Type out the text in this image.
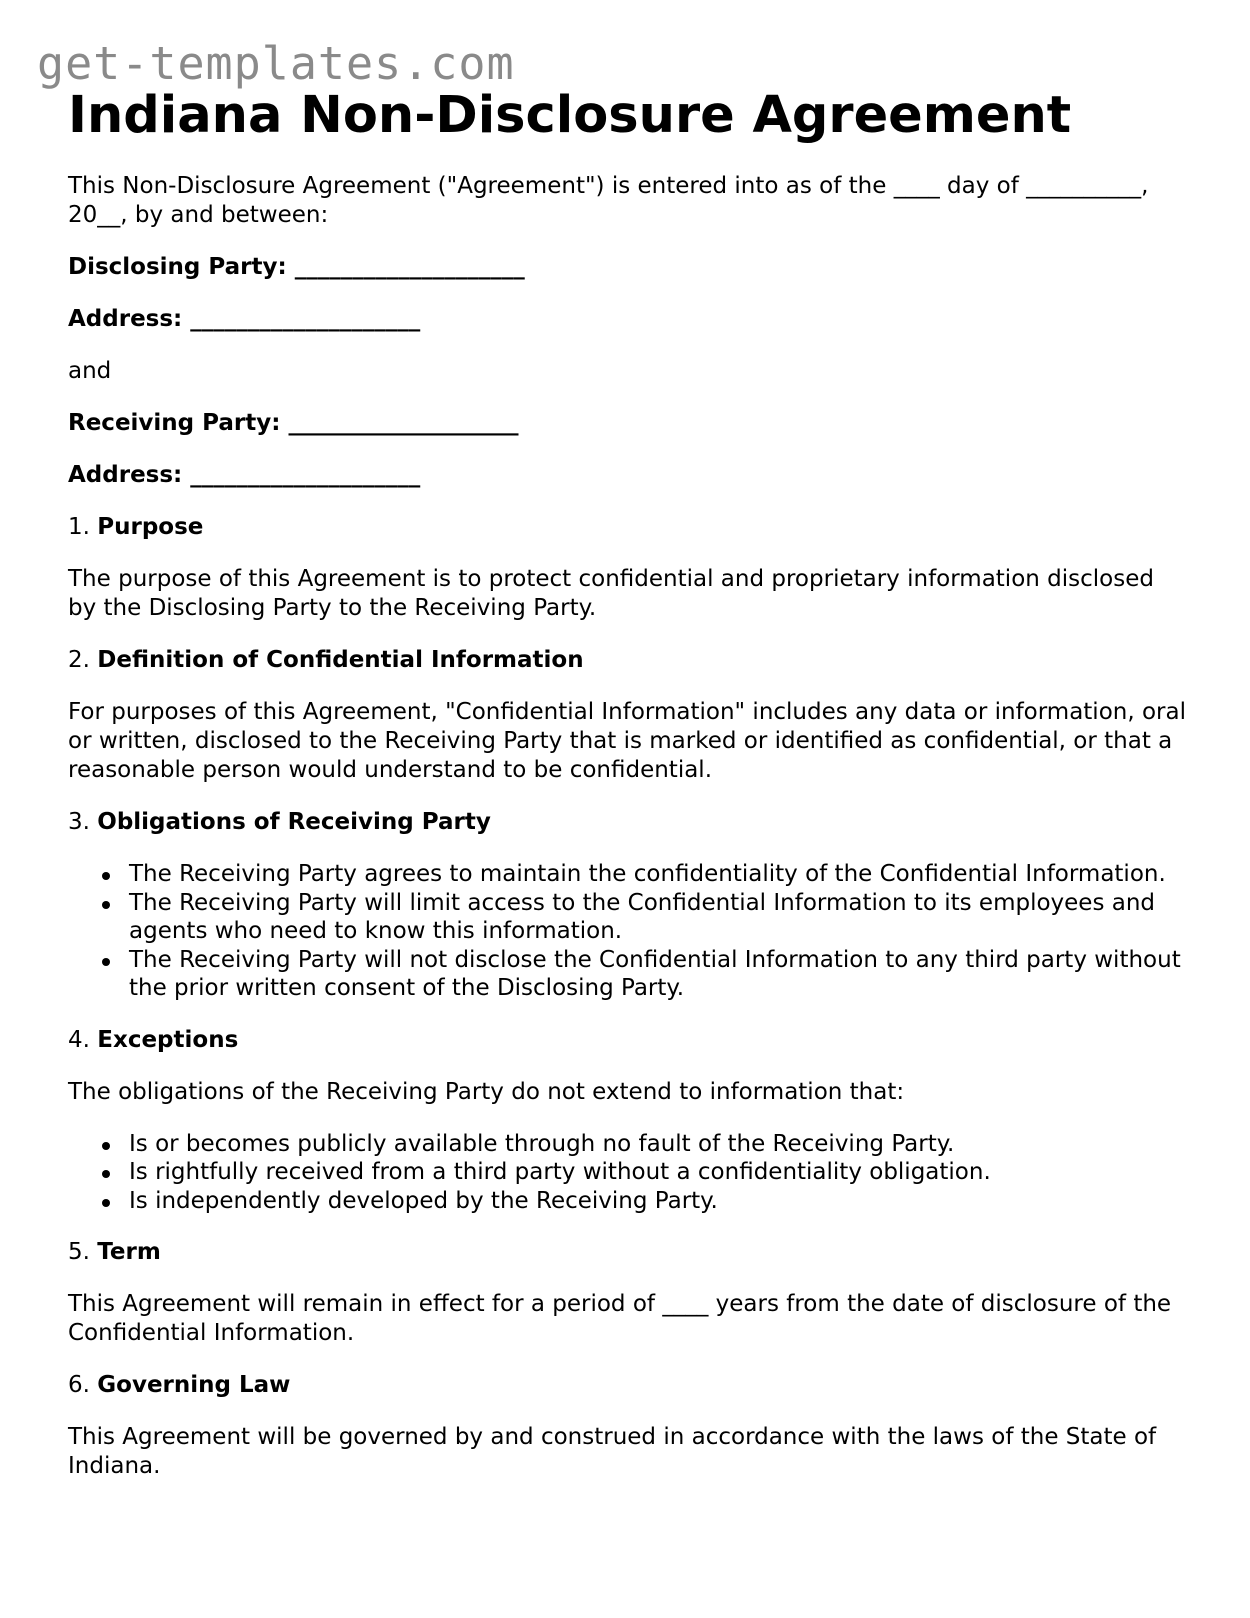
get-templates.com
Indiana Non-Disclosure Agreement

This Non-Disclosure Agreement ("Agreement") is entered into as of the ____ day of __________, 20__, by and between:

Disclosing Party: ____________________

Address: ____________________

and

Receiving Party: ____________________

Address: ____________________

1. Purpose

The purpose of this Agreement is to protect confidential and proprietary information disclosed by the Disclosing Party to the Receiving Party.

2. Definition of Confidential Information

For purposes of this Agreement, "Confidential Information" includes any data or information, oral or written, disclosed to the Receiving Party that is marked or identified as confidential, or that a reasonable person would understand to be confidential.

3. Obligations of Receiving Party

The Receiving Party agrees to maintain the confidentiality of the Confidential Information.
The Receiving Party will limit access to the Confidential Information to its employees and agents who need to know this information.
The Receiving Party will not disclose the Confidential Information to any third party without the prior written consent of the Disclosing Party.

4. Exceptions

The obligations of the Receiving Party do not extend to information that:

Is or becomes publicly available through no fault of the Receiving Party.
Is rightfully received from a third party without a confidentiality obligation.
Is independently developed by the Receiving Party.

5. Term

This Agreement will remain in effect for a period of ____ years from the date of disclosure of the Confidential Information.

6. Governing Law

This Agreement will be governed by and construed in accordance with the laws of the State of Indiana.
